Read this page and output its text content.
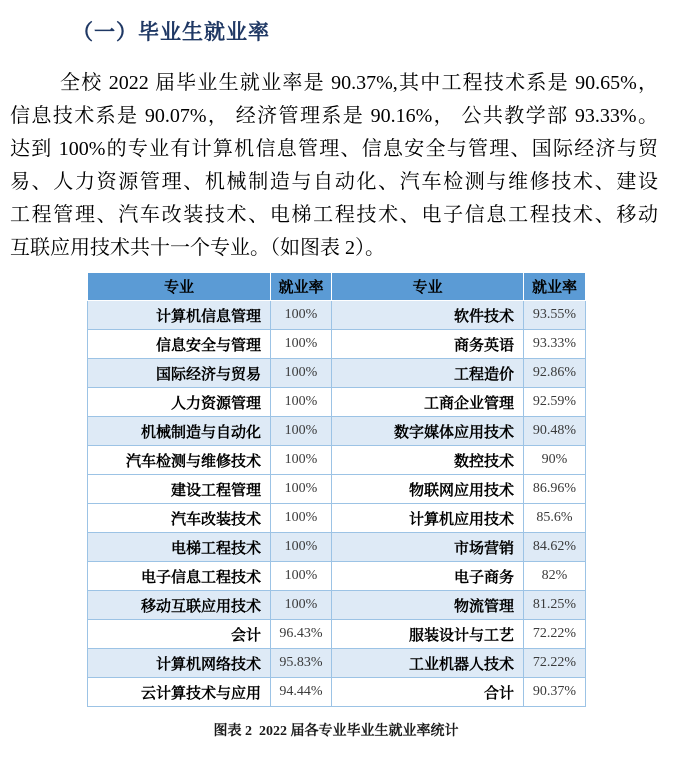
（一）毕业生就业率
全校 2022 届毕业生就业率是 90.37%,其中工程技术系是 90.65%，
信息技术系是 90.07%， 经济管理系是 90.16%， 公共教学部 93.33%。
达到 100%的专业有计算机信息管理、信息安全与管理、国际经济与贸
易、人力资源管理、机械制造与自动化、汽车检测与维修技术、建设
工程管理、汽车改装技术、电梯工程技术、电子信息工程技术、移动
互联应用技术共十一个专业。（如图表 2）。
专业	就业率	专业	就业率
计算机信息管理	100%	软件技术	93.55%
信息安全与管理	100%	商务英语	93.33%
国际经济与贸易	100%	工程造价	92.86%
人力资源管理	100%	工商企业管理	92.59%
机械制造与自动化	100%	数字媒体应用技术	90.48%
汽车检测与维修技术	100%	数控技术	90%
建设工程管理	100%	物联网应用技术	86.96%
汽车改装技术	100%	计算机应用技术	85.6%
电梯工程技术	100%	市场营销	84.62%
电子信息工程技术	100%	电子商务	82%
移动互联应用技术	100%	物流管理	81.25%
会计	96.43%	服装设计与工艺	72.22%
计算机网络技术	95.83%	工业机器人技术	72.22%
云计算技术与应用	94.44%	合计	90.37%
图表 2  2022 届各专业毕业生就业率统计
